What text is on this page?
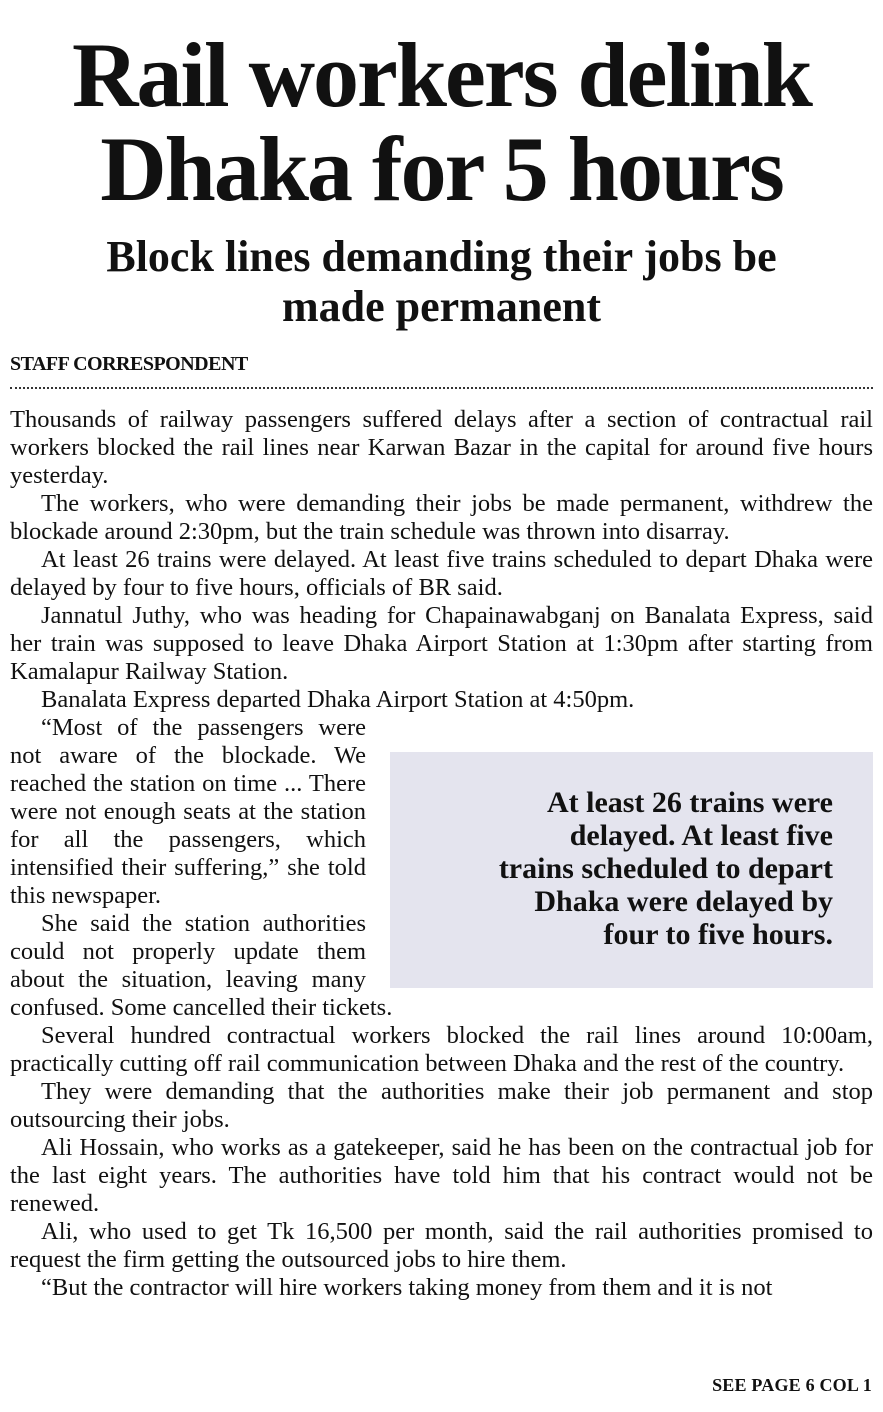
Rail workers delink
Dhaka for 5 hours
Block lines demanding their jobs be
made permanent
STAFF CORRESPONDENT

Thousands of railway passengers suffered delays after a section of contractual rail workers blocked the rail lines near Karwan Bazar in the capital for around five hours yesterday.

The workers, who were demanding their jobs be made permanent, withdrew the blockade around 2:30pm, but the train schedule was thrown into disarray.

At least 26 trains were delayed. At least five trains scheduled to depart Dhaka were delayed by four to five hours, officials of BR said.

Jannatul Juthy, who was heading for Chapainawabganj on Banalata Express, said her train was supposed to leave Dhaka Airport Station at 1:30pm after starting from Kamalapur Railway Station.

Banalata Express departed Dhaka Airport Station at 4:50pm.

At least 26 trains were
delayed. At least five
trains scheduled to depart
Dhaka were delayed by
four to five hours.

“Most of the passengers were not aware of the blockade. We reached the station on time ... There were not enough seats at the station for all the passengers, which intensified their suffering,” she told this newspaper.

She said the station authorities could not properly update them about the situation, leaving many confused. Some cancelled their tickets.

Several hundred contractual workers blocked the rail lines around 10:00am, practically cutting off rail communication between Dhaka and the rest of the country.

They were demanding that the authorities make their job permanent and stop outsourcing their jobs.

Ali Hossain, who works as a gatekeeper, said he has been on the contractual job for the last eight years. The authorities have told him that his contract would not be renewed.

Ali, who used to get Tk 16,500 per month, said the rail authorities promised to request the firm getting the outsourced jobs to hire them.

“But the contractor will hire workers taking money from them and it is not

SEE PAGE 6 COL 1
